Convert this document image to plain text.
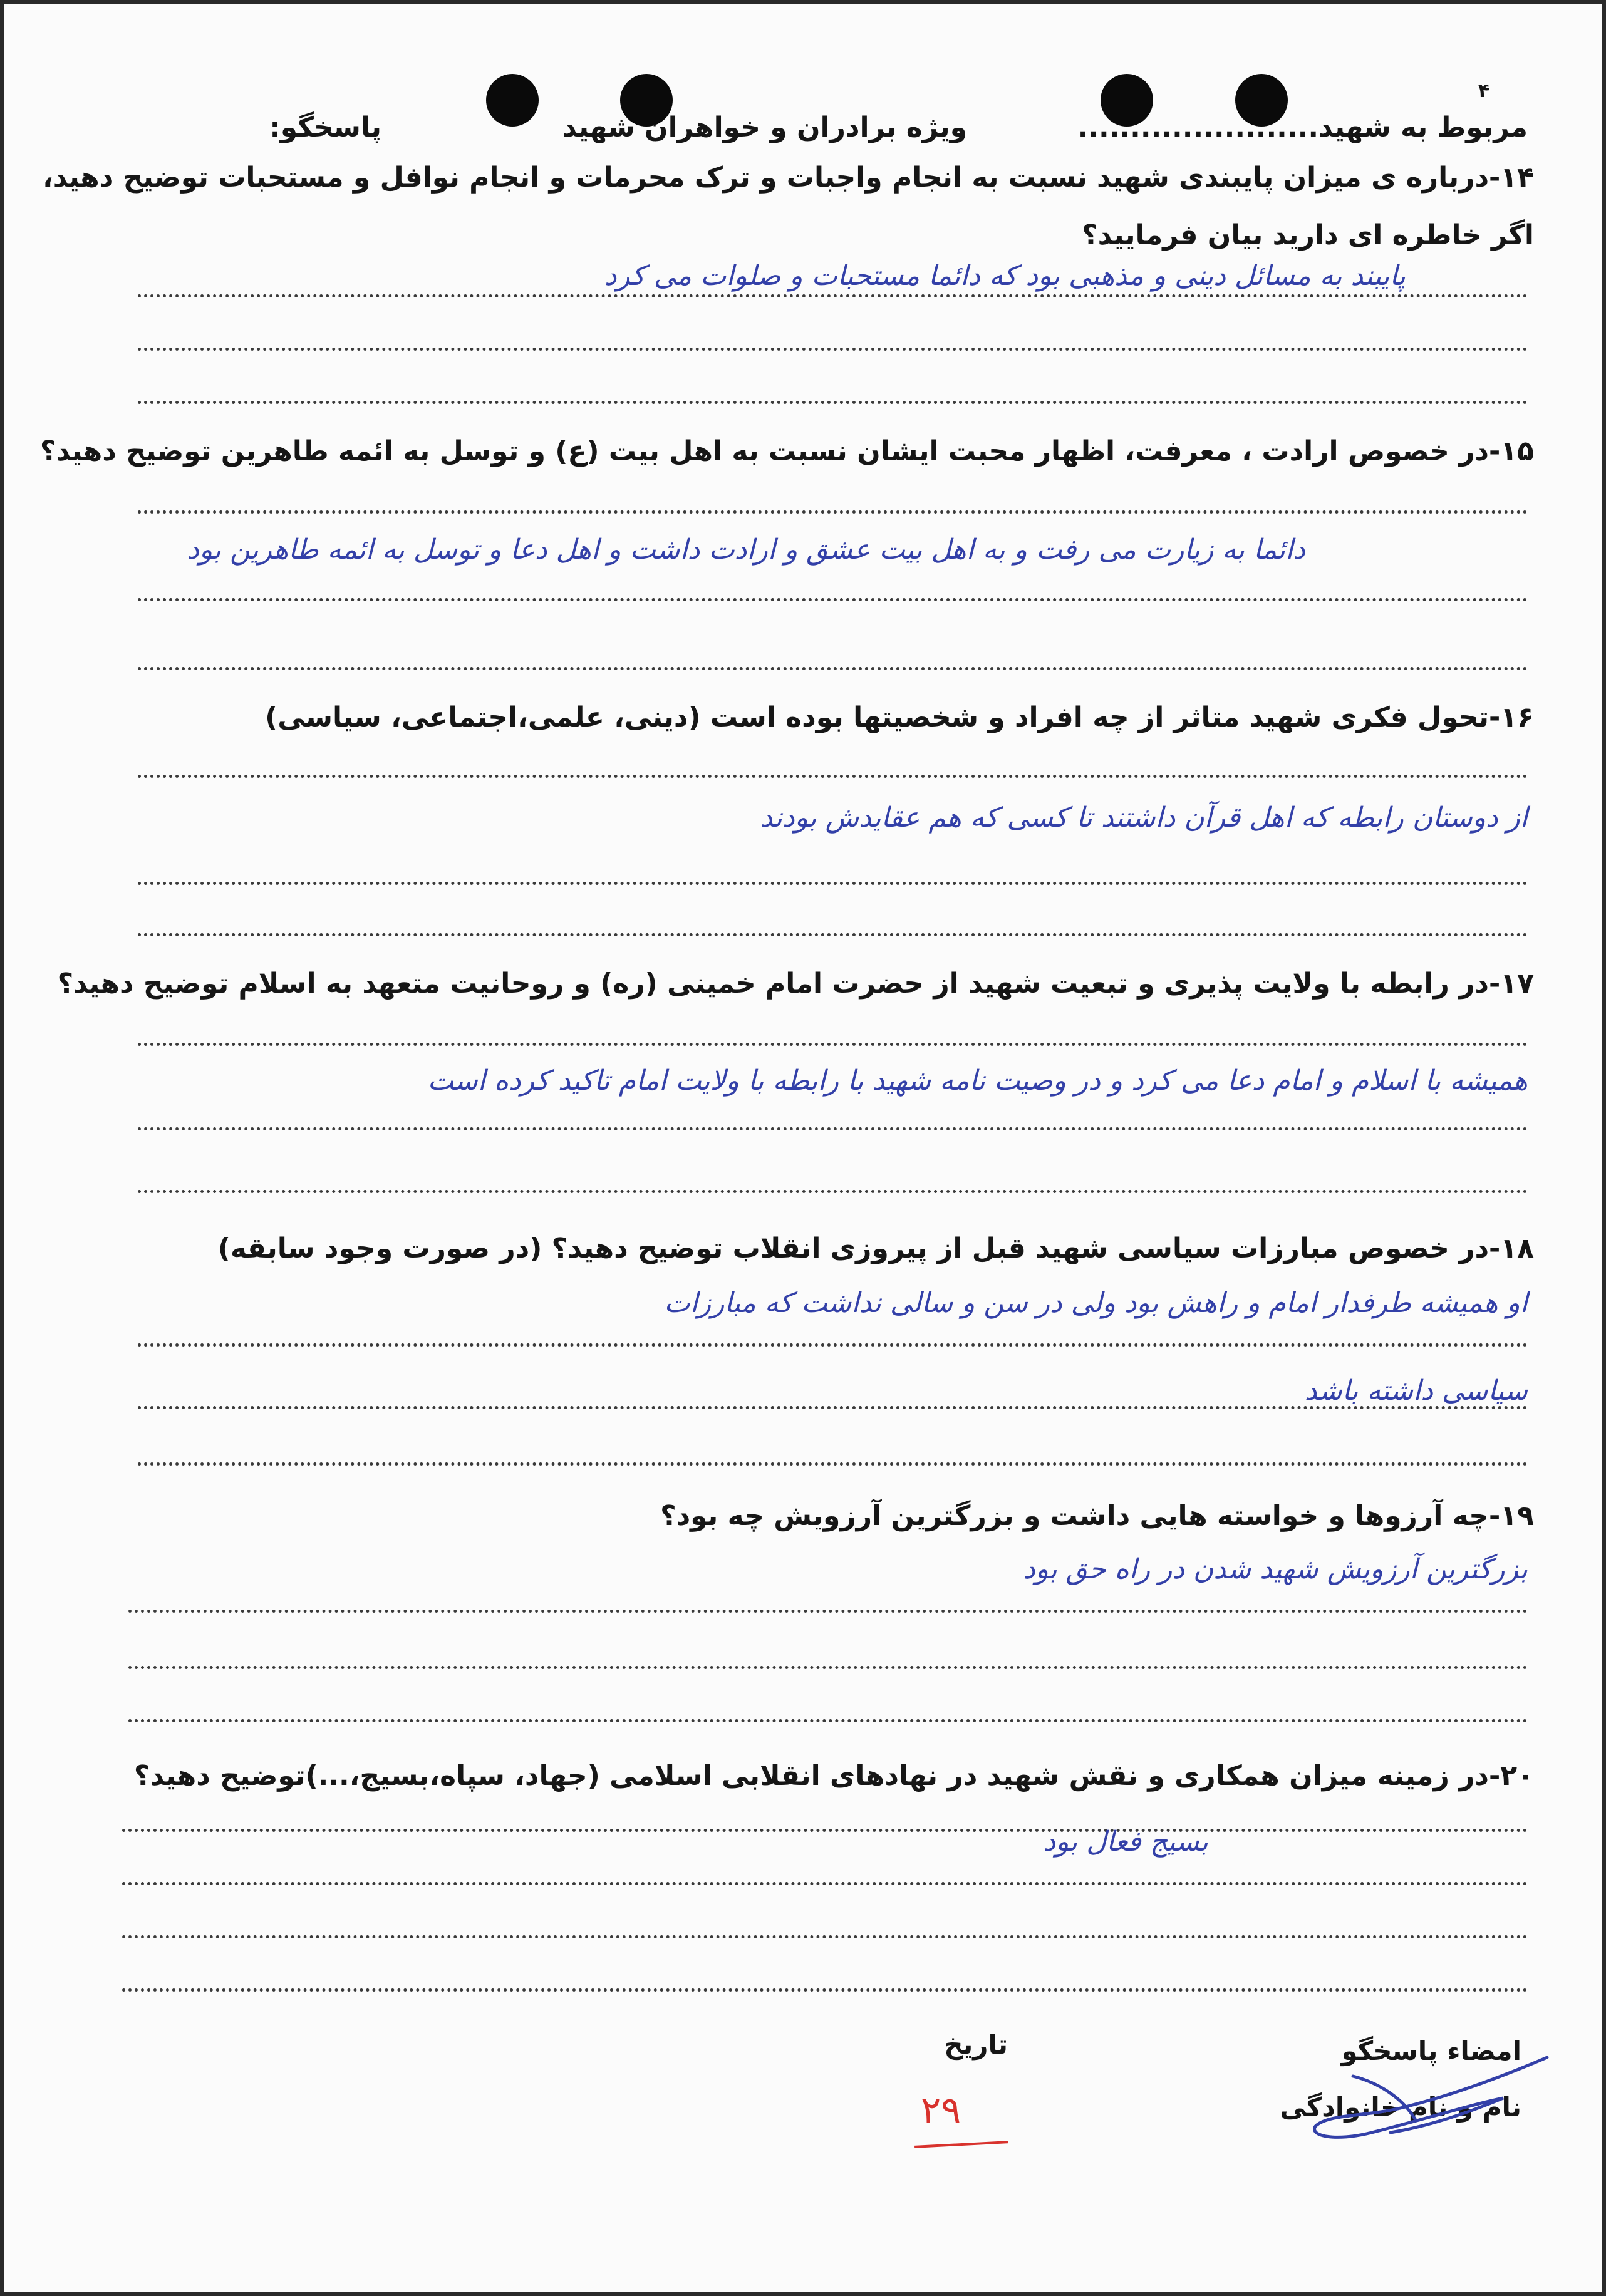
۴
مربوط به شهید.......................
ویژه برادران و خواهران شهید
پاسخگو:
۱۴-درباره ی میزان پایبندی شهید نسبت به انجام واجبات و ترک محرمات و انجام نوافل و مستحبات توضیح دهید،
اگر خاطره ای دارید بیان فرمایید؟
پایبند به مسائل دینی و مذهبی بود که دائما مستحبات و صلوات می کرد
۱۵-در خصوص ارادت ، معرفت، اظهار محبت ایشان نسبت به اهل بیت (ع) و توسل به ائمه طاهرین توضیح دهید؟
دائما به زیارت می رفت و به اهل بیت عشق و ارادت داشت و اهل دعا و توسل به ائمه طاهرین بود
۱۶-تحول فکری شهید متاثر از چه افراد و شخصیتها بوده است (دینی، علمی،اجتماعی، سیاسی)
از دوستان رابطه که اهل قرآن داشتند تا کسی که هم عقایدش بودند
۱۷-در رابطه با ولایت پذیری و تبعیت شهید از حضرت امام خمینی (ره) و روحانیت متعهد به اسلام توضیح دهید؟
همیشه با اسلام و امام دعا می کرد و در وصیت نامه شهید با رابطه با ولایت امام تاکید کرده است
۱۸-در خصوص مبارزات سیاسی شهید قبل از پیروزی انقلاب توضیح دهید؟ (در صورت وجود سابقه)
او همیشه طرفدار امام و راهش بود ولی در سن و سالی نداشت که مبارزات
سیاسی داشته باشد
۱۹-چه آرزوها و خواسته هایی داشت و بزرگترین آرزویش چه بود؟
بزرگترین آرزویش شهید شدن در راه حق بود
۲۰-در زمینه میزان همکاری و نقش شهید در نهادهای انقلابی اسلامی (جهاد، سپاه،بسیج،...)توضیح دهید؟
بسیج فعال بود
امضاء پاسخگو
نام و نام خانوادگی
تاریخ
۲۹
